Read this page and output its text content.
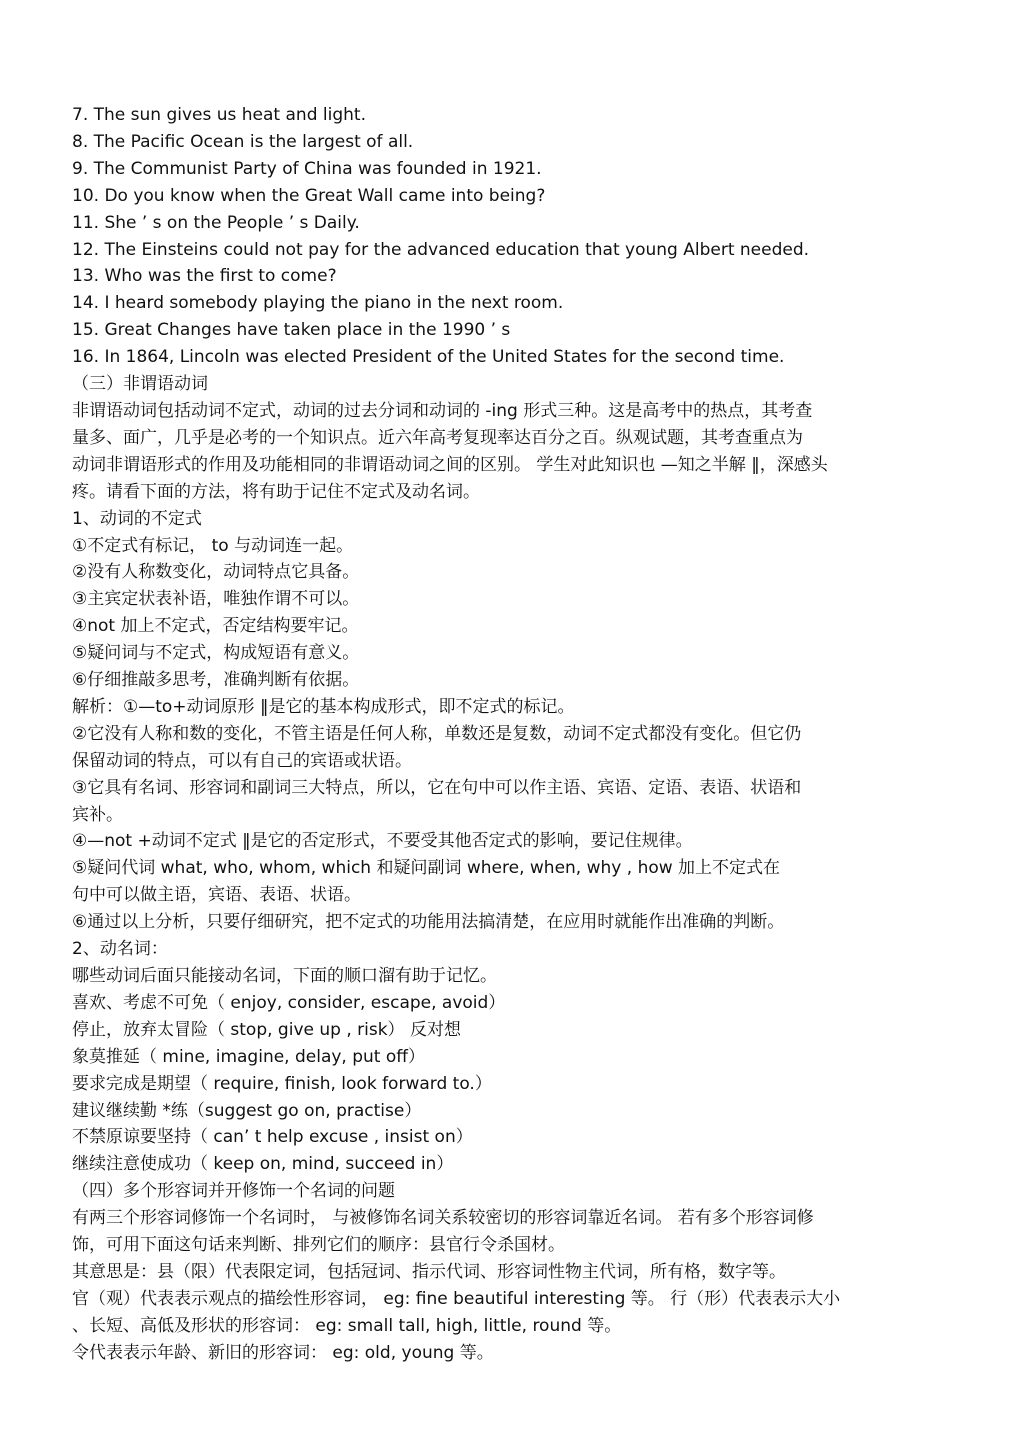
7. The sun gives us heat and light.
8. The Pacific Ocean is the largest of all.
9. The Communist Party of China was founded in 1921.
10. Do you know when the Great Wall came into being?
11. She ’ s on the People ’ s Daily.
12. The Einsteins could not pay for the advanced education that young Albert needed.
13. Who was the first to come?
14. I heard somebody playing the piano in the next room.
15. Great Changes have taken place in the 1990 ’ s
16. In 1864, Lincoln was elected President of the United States for the second time.
（三）非谓语动词
非谓语动词包括动词不定式，动词的过去分词和动词的 -ing 形式三种。这是高考中的热点，其考查
量多、面广，几乎是必考的一个知识点。近六年高考复现率达百分之百。纵观试题，其考查重点为
动词非谓语形式的作用及功能相同的非谓语动词之间的区别。 学生对此知识也 —知之半解 ‖，深感头
疼。请看下面的方法，将有助于记住不定式及动名词。
1、动词的不定式
①不定式有标记， to 与动词连一起。
②没有人称数变化，动词特点它具备。
③主宾定状表补语，唯独作谓不可以。
④not 加上不定式，否定结构要牢记。
⑤疑问词与不定式，构成短语有意义。
⑥仔细推敲多思考，准确判断有依据。
解析：①—to+动词原形 ‖是它的基本构成形式，即不定式的标记。
②它没有人称和数的变化，不管主语是任何人称，单数还是复数，动词不定式都没有变化。但它仍
保留动词的特点，可以有自己的宾语或状语。
③它具有名词、形容词和副词三大特点，所以，它在句中可以作主语、宾语、定语、表语、状语和
宾补。
④—not +动词不定式 ‖是它的否定形式，不要受其他否定式的影响，要记住规律。
⑤疑问代词 what, who, whom, which 和疑问副词 where, when, why , how 加上不定式在
句中可以做主语，宾语、表语、状语。
⑥通过以上分析，只要仔细研究，把不定式的功能用法搞清楚，在应用时就能作出准确的判断。
2、动名词：
哪些动词后面只能接动名词，下面的顺口溜有助于记忆。
喜欢、考虑不可免（ enjoy, consider, escape, avoid）
停止，放弃太冒险（ stop, give up , risk） 反对想
象莫推延（ mine, imagine, delay, put off）
要求完成是期望（ require, finish, look forward to.）
建议继续勤 *练（suggest go on, practise）
不禁原谅要坚持（ can’ t help excuse , insist on）
继续注意使成功（ keep on, mind, succeed in）
（四）多个形容词并开修饰一个名词的问题
有两三个形容词修饰一个名词时， 与被修饰名词关系较密切的形容词靠近名词。 若有多个形容词修
饰，可用下面这句话来判断、排列它们的顺序：县官行令杀国材。
其意思是：县（限）代表限定词，包括冠词、指示代词、形容词性物主代词，所有格，数字等。
官（观）代表表示观点的描绘性形容词， eg: fine beautiful interesting 等。 行（形）代表表示大小
、长短、高低及形状的形容词： eg: small tall, high, little, round 等。
令代表表示年龄、新旧的形容词： eg: old, young 等。
